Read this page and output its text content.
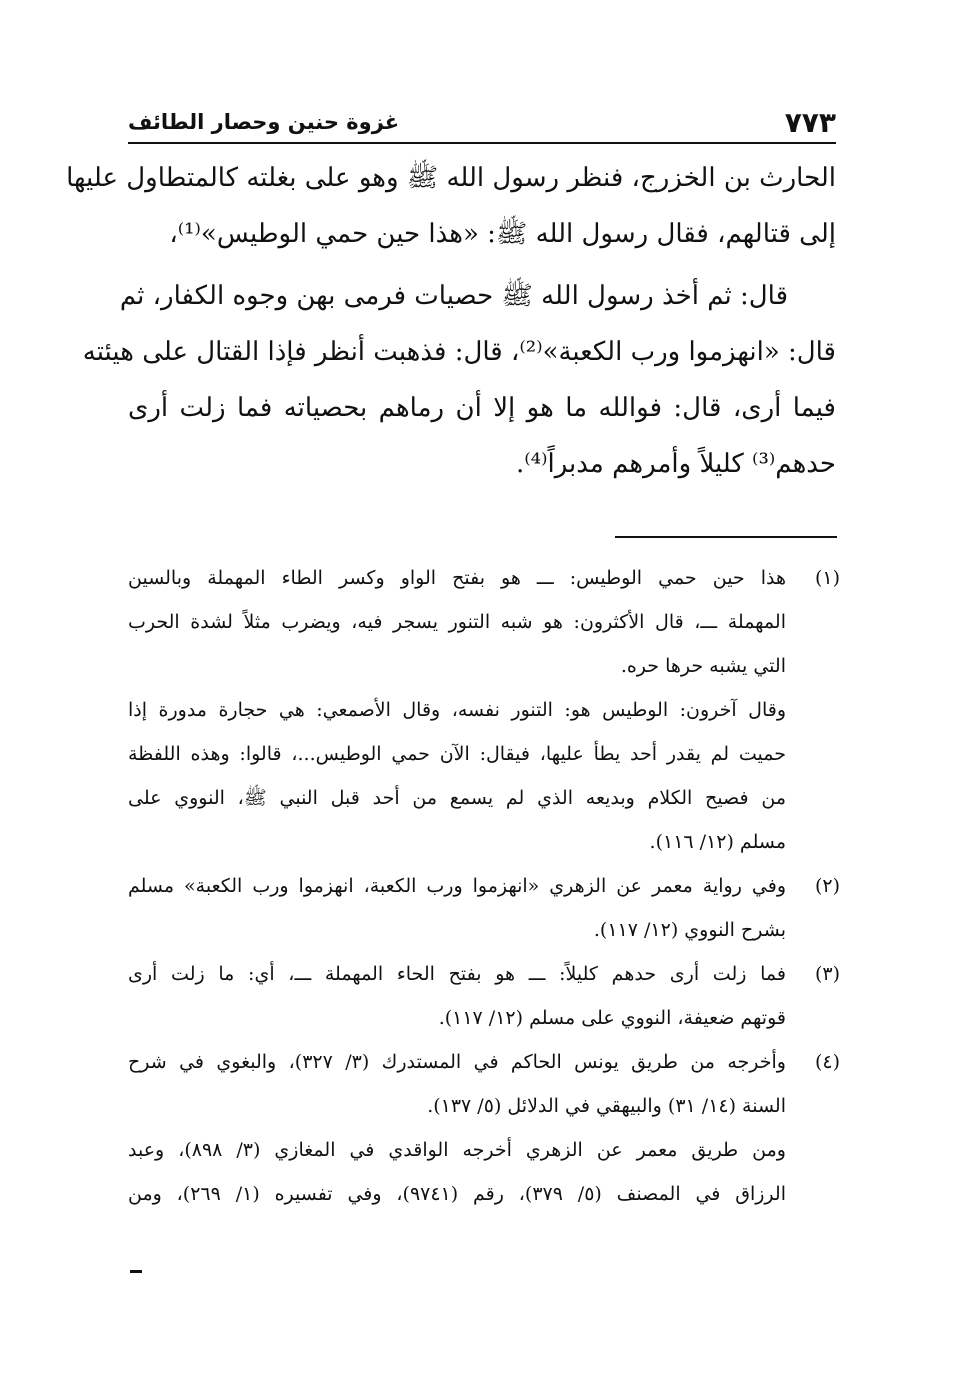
٧٧٣
غزوة حنين وحصار الطائف
الحارث بن الخزرج، فنظر رسول الله ﷺ وهو على بغلته كالمتطاول عليها
إلى قتالهم، فقال رسول الله ﷺ: «هذا حين حمي الوطيس»⁽¹⁾،
قال: ثم أخذ رسول الله ﷺ حصيات فرمى بهن وجوه الكفار، ثم
قال: «انهزموا ورب الكعبة»⁽²⁾، قال: فذهبت أنظر فإذا القتال على هيئته
فيما أرى، قال: فوالله ما هو إلا أن رماهم بحصياته فما زلت أرى
حدهم⁽³⁾ كليلاً وأمرهم مدبراً⁽⁴⁾.
(١)
هذا حين حمي الوطيس: ـــ هو بفتح الواو وكسر الطاء المهملة وبالسين
المهملة ـــ، قال الأكثرون: هو شبه التنور يسجر فيه، ويضرب مثلاً لشدة الحرب
التي يشبه حرها حره.
وقال آخرون: الوطيس هو: التنور نفسه، وقال الأصمعي: هي حجارة مدورة إذا
حميت لم يقدر أحد يطأ عليها، فيقال: الآن حمي الوطيس...، قالوا: وهذه اللفظة
من فصيح الكلام وبديعه الذي لم يسمع من أحد قبل النبي ﷺ، النووي على
مسلم (١٢/ ١١٦).
(٢)
وفي رواية معمر عن الزهري «انهزموا ورب الكعبة، انهزموا ورب الكعبة» مسلم
بشرح النووي (١٢/ ١١٧).
(٣)
فما زلت أرى حدهم كليلاً: ـــ هو بفتح الحاء المهملة ـــ، أي: ما زلت أرى
قوتهم ضعيفة، النووي على مسلم (١٢/ ١١٧).
(٤)
وأخرجه من طريق يونس الحاكم في المستدرك (٣/ ٣٢٧)، والبغوي في شرح
السنة (١٤/ ٣١) والبيهقي في الدلائل (٥/ ١٣٧).
ومن طريق معمر عن الزهري أخرجه الواقدي في المغازي (٣/ ٨٩٨)، وعبد
الرزاق في المصنف (٥/ ٣٧٩)، رقم (٩٧٤١)، وفي تفسيره (١/ ٢٦٩)، ومن
